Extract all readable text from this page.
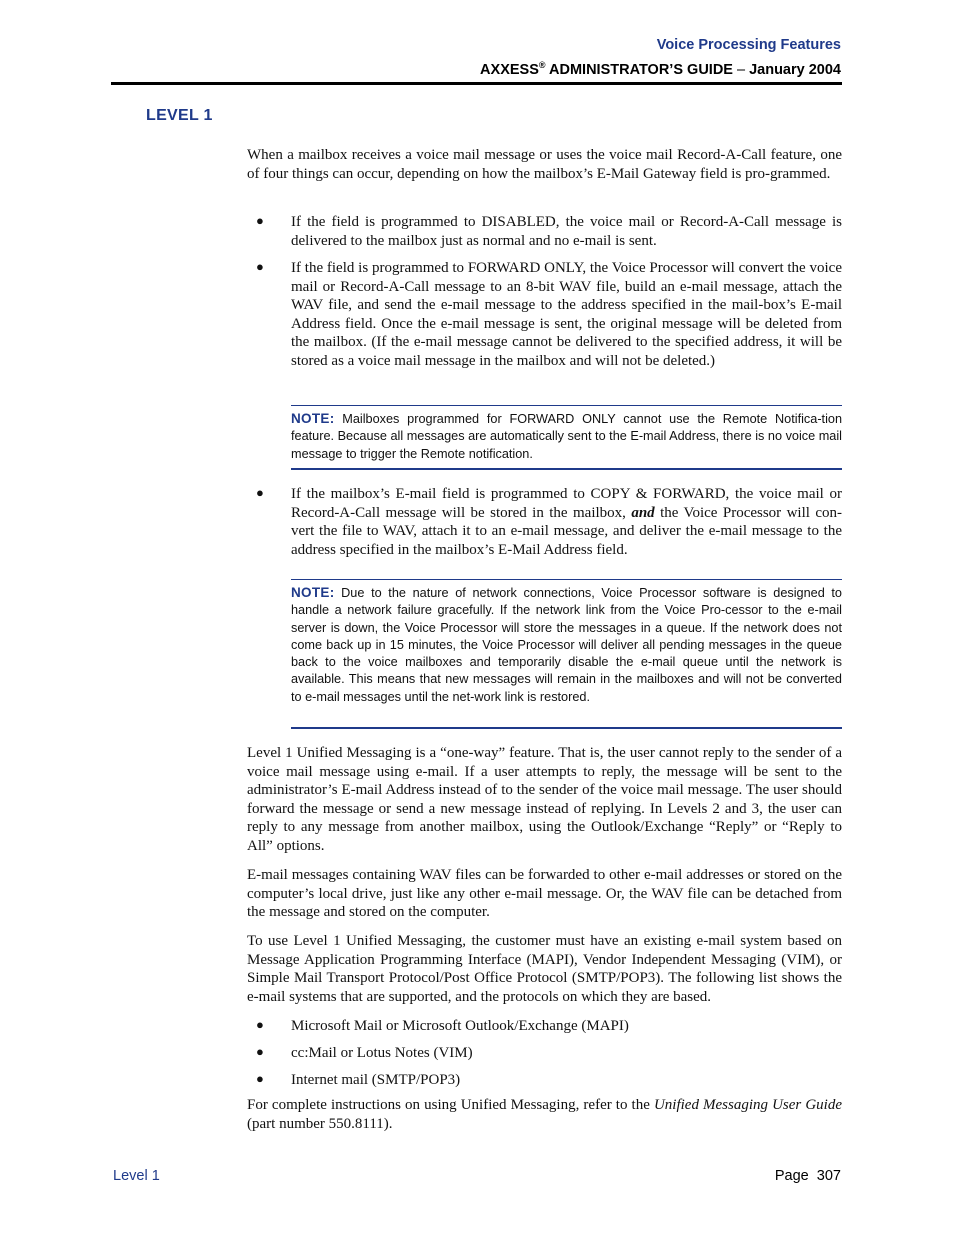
Voice Processing Features
AXXESS® ADMINISTRATOR’S GUIDE – January 2004
LEVEL 1

When a mailbox receives a voice mail message or uses the voice mail Record-A-Call feature, one of four things can occur, depending on how the mailbox’s E-Mail Gateway field is pro-grammed.

● If the field is programmed to DISABLED, the voice mail or Record-A-Call message is delivered to the mailbox just as normal and no e-mail is sent.

● If the field is programmed to FORWARD ONLY, the Voice Processor will convert the voice mail or Record-A-Call message to an 8-bit WAV file, build an e-mail message, attach the WAV file, and send the e-mail message to the address specified in the mail-box’s E-mail Address field. Once the e-mail message is sent, the original message will be deleted from the mailbox. (If the e-mail message cannot be delivered to the specified address, it will be stored as a voice mail message in the mailbox and will not be deleted.)

NOTE: Mailboxes programmed for FORWARD ONLY cannot use the Remote Notifica-tion feature. Because all messages are automatically sent to the E-mail Address, there is no voice mail message to trigger the Remote notification.

● If the mailbox’s E-mail field is programmed to COPY & FORWARD, the voice mail or Record-A-Call message will be stored in the mailbox, and the Voice Processor will con-vert the file to WAV, attach it to an e-mail message, and deliver the e-mail message to the address specified in the mailbox’s E-Mail Address field.

NOTE: Due to the nature of network connections, Voice Processor software is designed to handle a network failure gracefully. If the network link from the Voice Pro-cessor to the e-mail server is down, the Voice Processor will store the messages in a queue. If the network does not come back up in 15 minutes, the Voice Processor will deliver all pending messages in the queue back to the voice mailboxes and temporarily disable the e-mail queue until the network is available. This means that new messages will remain in the mailboxes and will not be converted to e-mail messages until the net-work link is restored.

Level 1 Unified Messaging is a “one-way” feature. That is, the user cannot reply to the sender of a voice mail message using e-mail. If a user attempts to reply, the message will be sent to the administrator’s E-mail Address instead of to the sender of the voice mail message. The user should forward the message or send a new message instead of replying. In Levels 2 and 3, the user can reply to any message from another mailbox, using the Outlook/Exchange “Reply” or “Reply to All” options.

E-mail messages containing WAV files can be forwarded to other e-mail addresses or stored on the computer’s local drive, just like any other e-mail message. Or, the WAV file can be detached from the message and stored on the computer.

To use Level 1 Unified Messaging, the customer must have an existing e-mail system based on Message Application Programming Interface (MAPI), Vendor Independent Messaging (VIM), or Simple Mail Transport Protocol/Post Office Protocol (SMTP/POP3). The following list shows the e-mail systems that are supported, and the protocols on which they are based.

● Microsoft Mail or Microsoft Outlook/Exchange (MAPI)

● cc:Mail or Lotus Notes (VIM)

● Internet mail (SMTP/POP3)

For complete instructions on using Unified Messaging, refer to the Unified Messaging User Guide (part number 550.8111).

Level 1	Page 307
